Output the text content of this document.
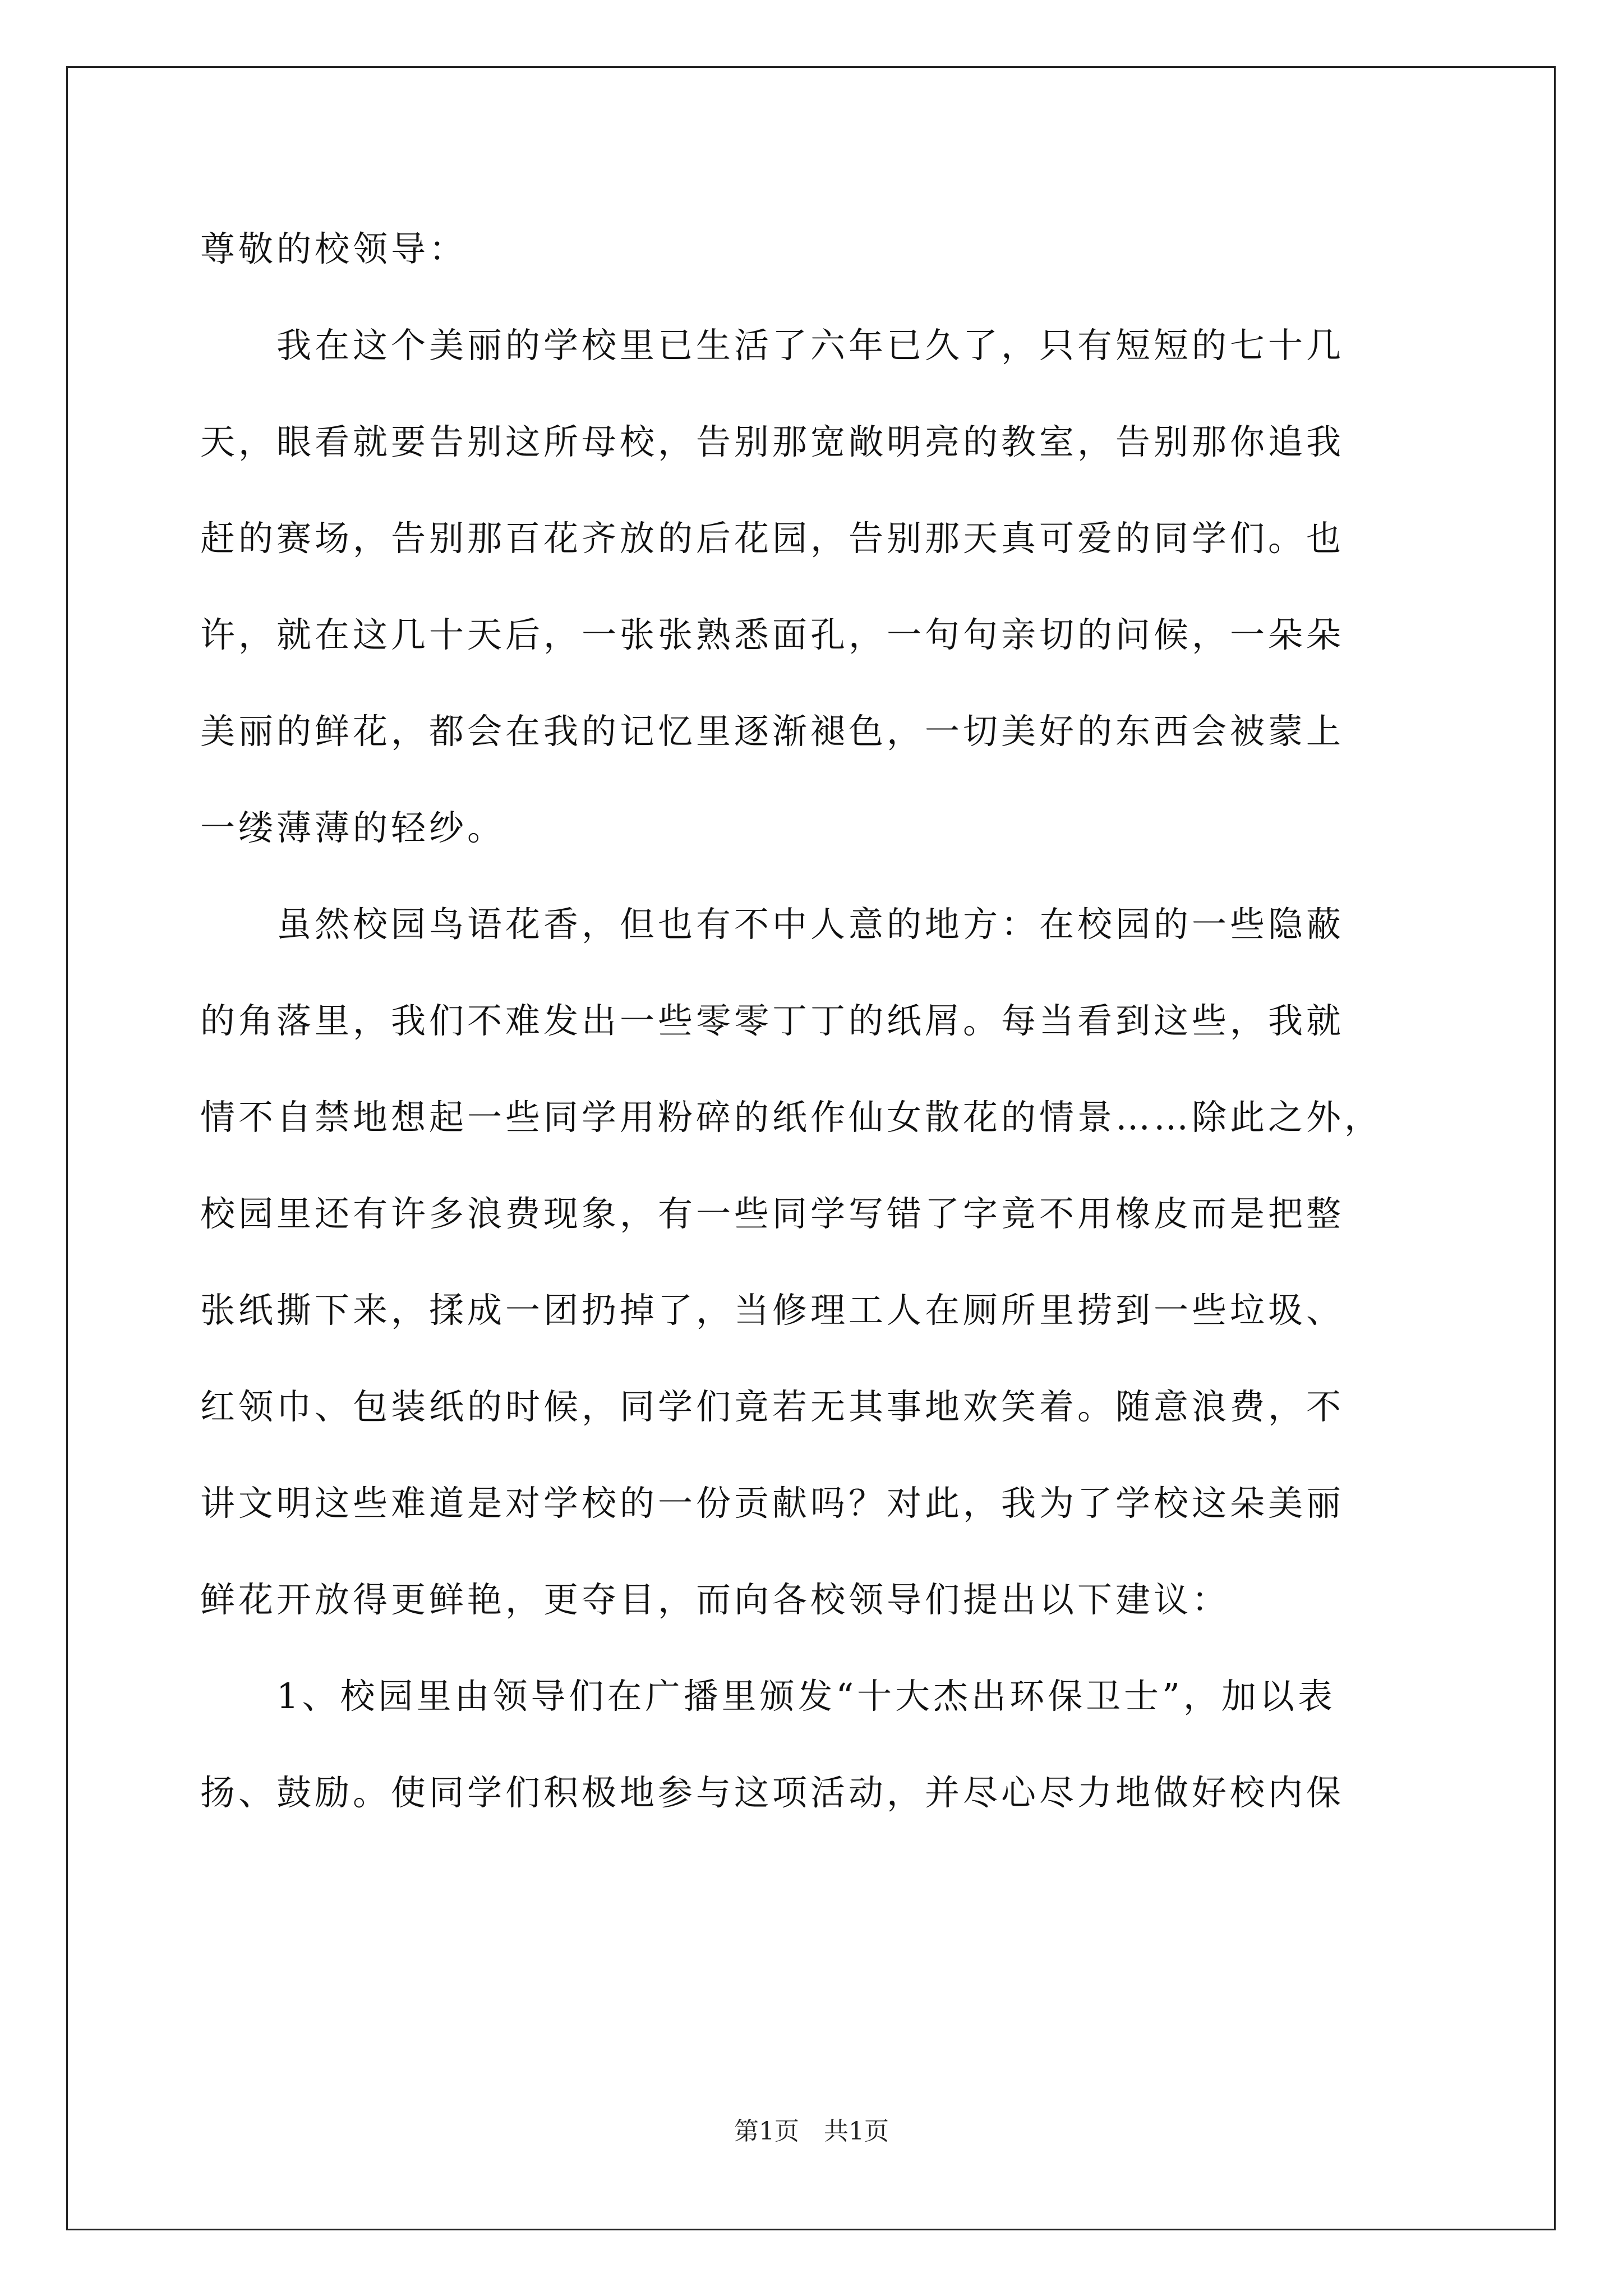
尊敬的校领导：
　　我在这个美丽的学校里已生活了六年已久了，只有短短的七十几
天，眼看就要告别这所母校，告别那宽敞明亮的教室，告别那你追我
赶的赛场，告别那百花齐放的后花园，告别那天真可爱的同学们。也
许，就在这几十天后，一张张熟悉面孔，一句句亲切的问候，一朵朵
美丽的鲜花，都会在我的记忆里逐渐褪色，一切美好的东西会被蒙上
一缕薄薄的轻纱。
　　虽然校园鸟语花香，但也有不中人意的地方：在校园的一些隐蔽
的角落里，我们不难发出一些零零丁丁的纸屑。每当看到这些，我就
情不自禁地想起一些同学用粉碎的纸作仙女散花的情景……除此之外，
校园里还有许多浪费现象，有一些同学写错了字竟不用橡皮而是把整
张纸撕下来，揉成一团扔掉了，当修理工人在厕所里捞到一些垃圾、
红领巾、包装纸的时候，同学们竟若无其事地欢笑着。随意浪费，不
讲文明这些难道是对学校的一份贡献吗？对此，我为了学校这朵美丽
鲜花开放得更鲜艳，更夺目，而向各校领导们提出以下建议：
　　1、校园里由领导们在广播里颁发“十大杰出环保卫士”，加以表
扬、鼓励。使同学们积极地参与这项活动，并尽心尽力地做好校内保
第1页　共1页
